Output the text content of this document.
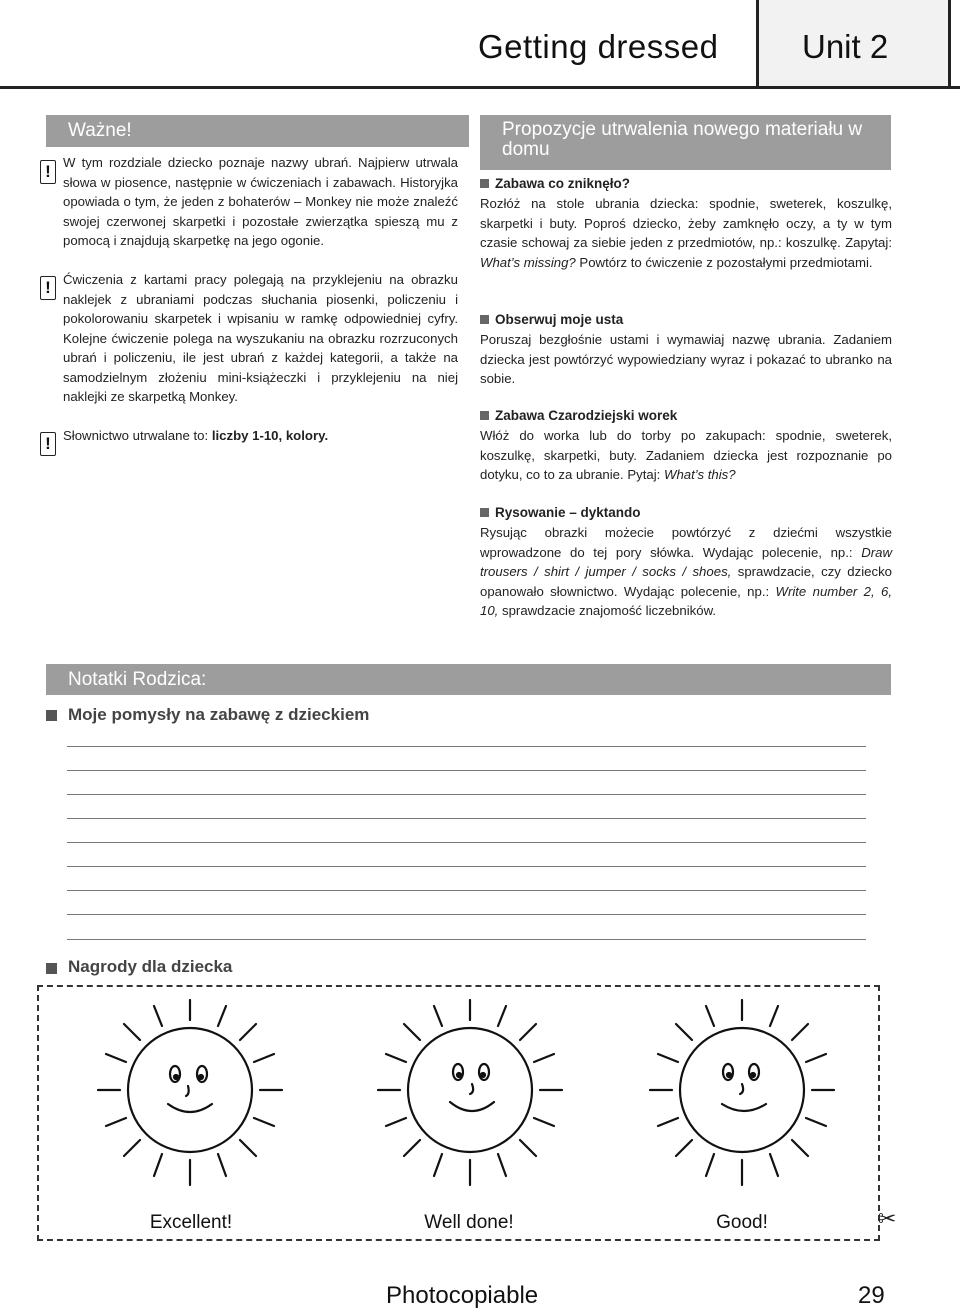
Getting dressed	Unit 2
Ważne!
! W tym rozdziale dziecko poznaje nazwy ubrań. Najpierw utrwala słowa w piosence, następnie w ćwiczeniach i zabawach. Historyjka opowiada o tym, że jeden z bohaterów – Monkey nie może znaleźć swojej czerwonej skarpetki i pozostałe zwierzątka spieszą mu z pomocą i znajdują skarpetkę na jego ogonie.
! Ćwiczenia z kartami pracy polegają na przyklejeniu na obrazku naklejek z ubraniami podczas słuchania piosenki, policzeniu i pokolorowaniu skarpetek i wpisaniu w ramkę odpowiedniej cyfry. Kolejne ćwiczenie polega na wyszukaniu na obrazku rozrzuconych ubrań i policzeniu, ile jest ubrań z każdej kategorii, a także na samodzielnym złożeniu mini-książeczki i przyklejeniu na niej naklejki ze skarpetką Monkey.
! Słownictwo utrwalane to: liczby 1-10, kolory.
Propozycje utrwalenia nowego materiału w domu
Zabawa co zniknęło?
Rozłóż na stole ubrania dziecka: spodnie, sweterek, koszulkę, skarpetki i buty. Poproś dziecko, żeby zamknęło oczy, a ty w tym czasie schowaj za siebie jeden z przedmiotów, np.: koszulkę. Zapytaj: What’s missing? Powtórz to ćwiczenie z pozostałymi przedmiotami.
Obserwuj moje usta
Poruszaj bezgłośnie ustami i wymawiaj nazwę ubrania. Zadaniem dziecka jest powtórzyć wypowiedziany wyraz i pokazać to ubranko na sobie.
Zabawa Czarodziejski worek
Włóż do worka lub do torby po zakupach: spodnie, sweterek, koszulkę, skarpetki, buty. Zadaniem dziecka jest rozpoznanie po dotyku, co to za ubranie. Pytaj: What’s this?
Rysowanie – dyktando
Rysując obrazki możecie powtórzyć z dziećmi wszystkie wprowadzone do tej pory słówka. Wydając polecenie, np.: Draw trousers / shirt / jumper / socks / shoes, sprawdzacie, czy dziecko opanowało słownictwo. Wydając polecenie, np.: Write number 2, 6, 10, sprawdzacie znajomość liczebników.
Notatki Rodzica:
Moje pomysły na zabawę z dzieckiem
Nagrody dla dziecka
Excellent!	Well done!	Good!	✂
Photocopiable	29
